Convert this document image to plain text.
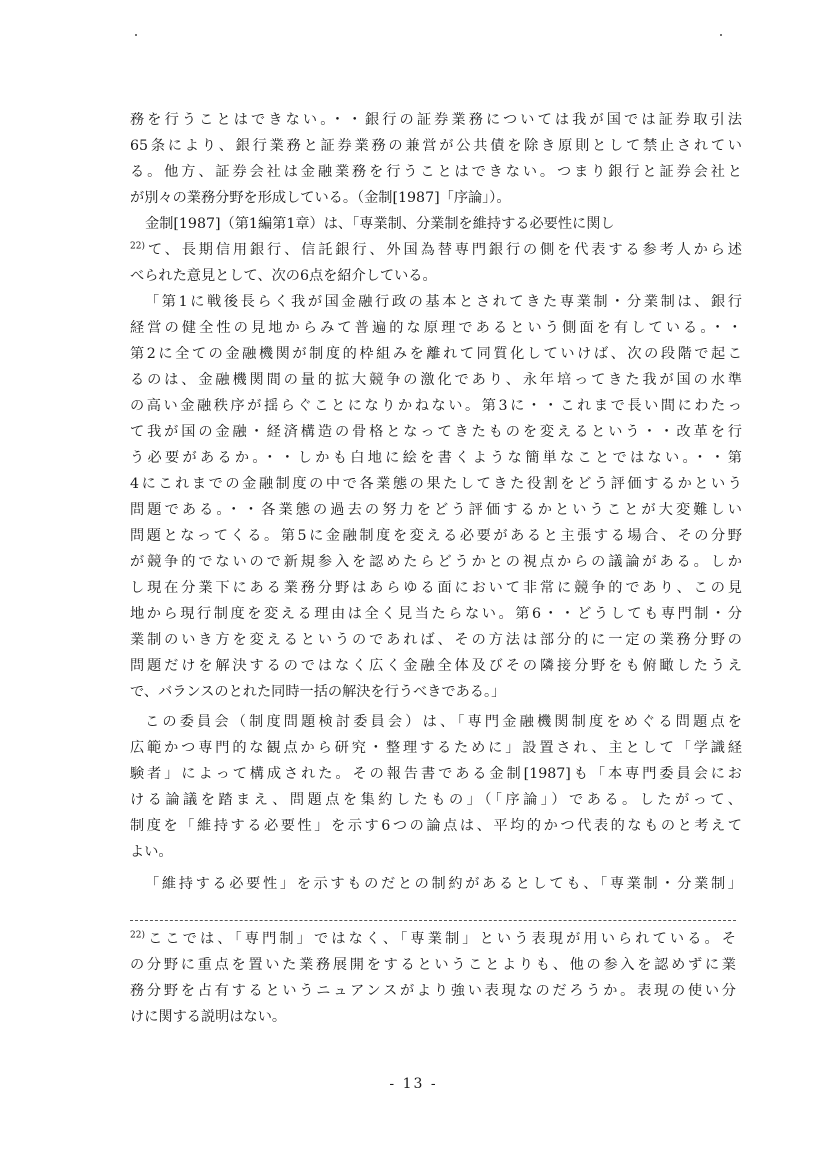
務を行うことはできない。・・銀行の証券業務については我が国では証券取引法
65条により、銀行業務と証券業務の兼営が公共債を除き原則として禁止されてい
る。他方、証券会社は金融業務を行うことはできない。つまり銀行と証券会社と
が別々の業務分野を形成している。（金制[1987]「序論」）。
金制[1987]（第1編第1章）は、「専業制、分業制を維持する必要性に関し
$^{22)}$て、長期信用銀行、信託銀行、外国為替専門銀行の側を代表する参考人から述
べられた意見として、次の6点を紹介している。
「第1に戦後長らく我が国金融行政の基本とされてきた専業制・分業制は、銀行
経営の健全性の見地からみて普遍的な原理であるという側面を有している。・・
第2に全ての金融機関が制度的枠組みを離れて同質化していけば、次の段階で起こ
るのは、金融機関間の量的拡大競争の激化であり、永年培ってきた我が国の水準
の高い金融秩序が揺らぐことになりかねない。第3に・・これまで長い間にわたっ
て我が国の金融・経済構造の骨格となってきたものを変えるという・・改革を行
う必要があるか。・・しかも白地に絵を書くような簡単なことではない。・・第
4にこれまでの金融制度の中で各業態の果たしてきた役割をどう評価するかという
問題である。・・各業態の過去の努力をどう評価するかということが大変難しい
問題となってくる。第5に金融制度を変える必要があると主張する場合、その分野
が競争的でないので新規参入を認めたらどうかとの視点からの議論がある。しか
し現在分業下にある業務分野はあらゆる面において非常に競争的であり、この見
地から現行制度を変える理由は全く見当たらない。第6・・どうしても専門制・分
業制のいき方を変えるというのであれば、その方法は部分的に一定の業務分野の
問題だけを解決するのではなく広く金融全体及びその隣接分野をも俯瞰したうえ
で、バランスのとれた同時一括の解決を行うべきである。」
この委員会（制度問題検討委員会）は、「専門金融機関制度をめぐる問題点を
広範かつ専門的な観点から研究・整理するために」設置され、主として「学識経
験者」によって構成された。その報告書である金制[1987]も「本専門委員会にお
ける論議を踏まえ、問題点を集約したもの」（「序論」）である。したがって、
制度を「維持する必要性」を示す6つの論点は、平均的かつ代表的なものと考えて
よい。
「維持する必要性」を示すものだとの制約があるとしても、「専業制・分業制」
$^{22)}$ここでは、「専門制」ではなく、「専業制」という表現が用いられている。そ
の分野に重点を置いた業務展開をするということよりも、他の参入を認めずに業
務分野を占有するというニュアンスがより強い表現なのだろうか。表現の使い分
けに関する説明はない。
- 13 -
